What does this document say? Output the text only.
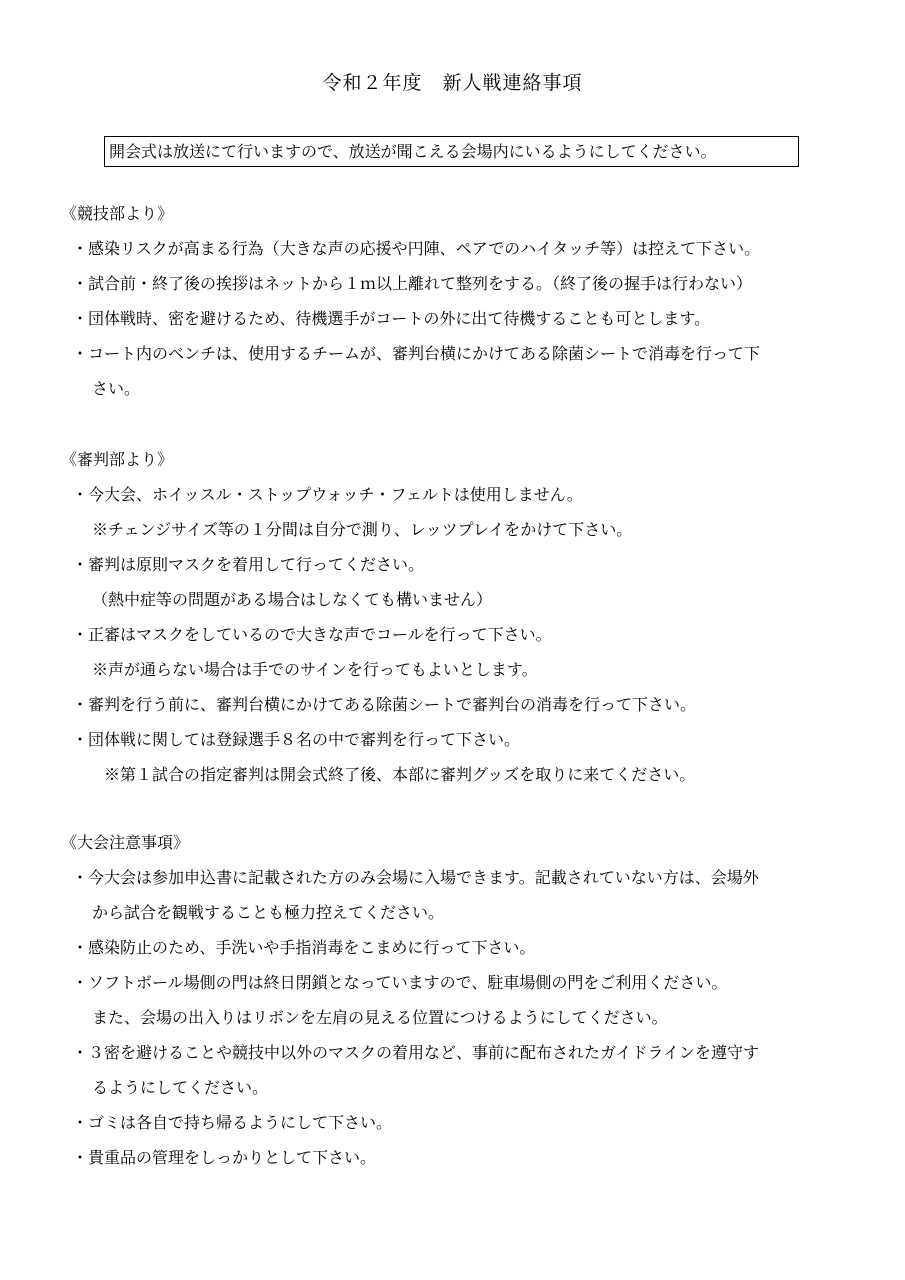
令和２年度　新人戦連絡事項
開会式は放送にて行いますので、放送が聞こえる会場内にいるようにしてください。
《競技部より》
・感染リスクが高まる行為（大きな声の応援や円陣、ペアでのハイタッチ等）は控えて下さい。
・試合前・終了後の挨拶はネットから１ｍ以上離れて整列をする。（終了後の握手は行わない）
・団体戦時、密を避けるため、待機選手がコートの外に出て待機することも可とします。
・コート内のベンチは、使用するチームが、審判台横にかけてある除菌シートで消毒を行って下
さい。
《審判部より》
・今大会、ホイッスル・ストップウォッチ・フェルトは使用しません。
※チェンジサイズ等の１分間は自分で測り、レッツプレイをかけて下さい。
・審判は原則マスクを着用して行ってください。
（熱中症等の問題がある場合はしなくても構いません）
・正審はマスクをしているので大きな声でコールを行って下さい。
※声が通らない場合は手でのサインを行ってもよいとします。
・審判を行う前に、審判台横にかけてある除菌シートで審判台の消毒を行って下さい。
・団体戦に関しては登録選手８名の中で審判を行って下さい。
※第１試合の指定審判は開会式終了後、本部に審判グッズを取りに来てください。
《大会注意事項》
・今大会は参加申込書に記載された方のみ会場に入場できます。記載されていない方は、会場外
から試合を観戦することも極力控えてください。
・感染防止のため、手洗いや手指消毒をこまめに行って下さい。
・ソフトボール場側の門は終日閉鎖となっていますので、駐車場側の門をご利用ください。
また、会場の出入りはリボンを左肩の見える位置につけるようにしてください。
・３密を避けることや競技中以外のマスクの着用など、事前に配布されたガイドラインを遵守す
るようにしてください。
・ゴミは各自で持ち帰るようにして下さい。
・貴重品の管理をしっかりとして下さい。
